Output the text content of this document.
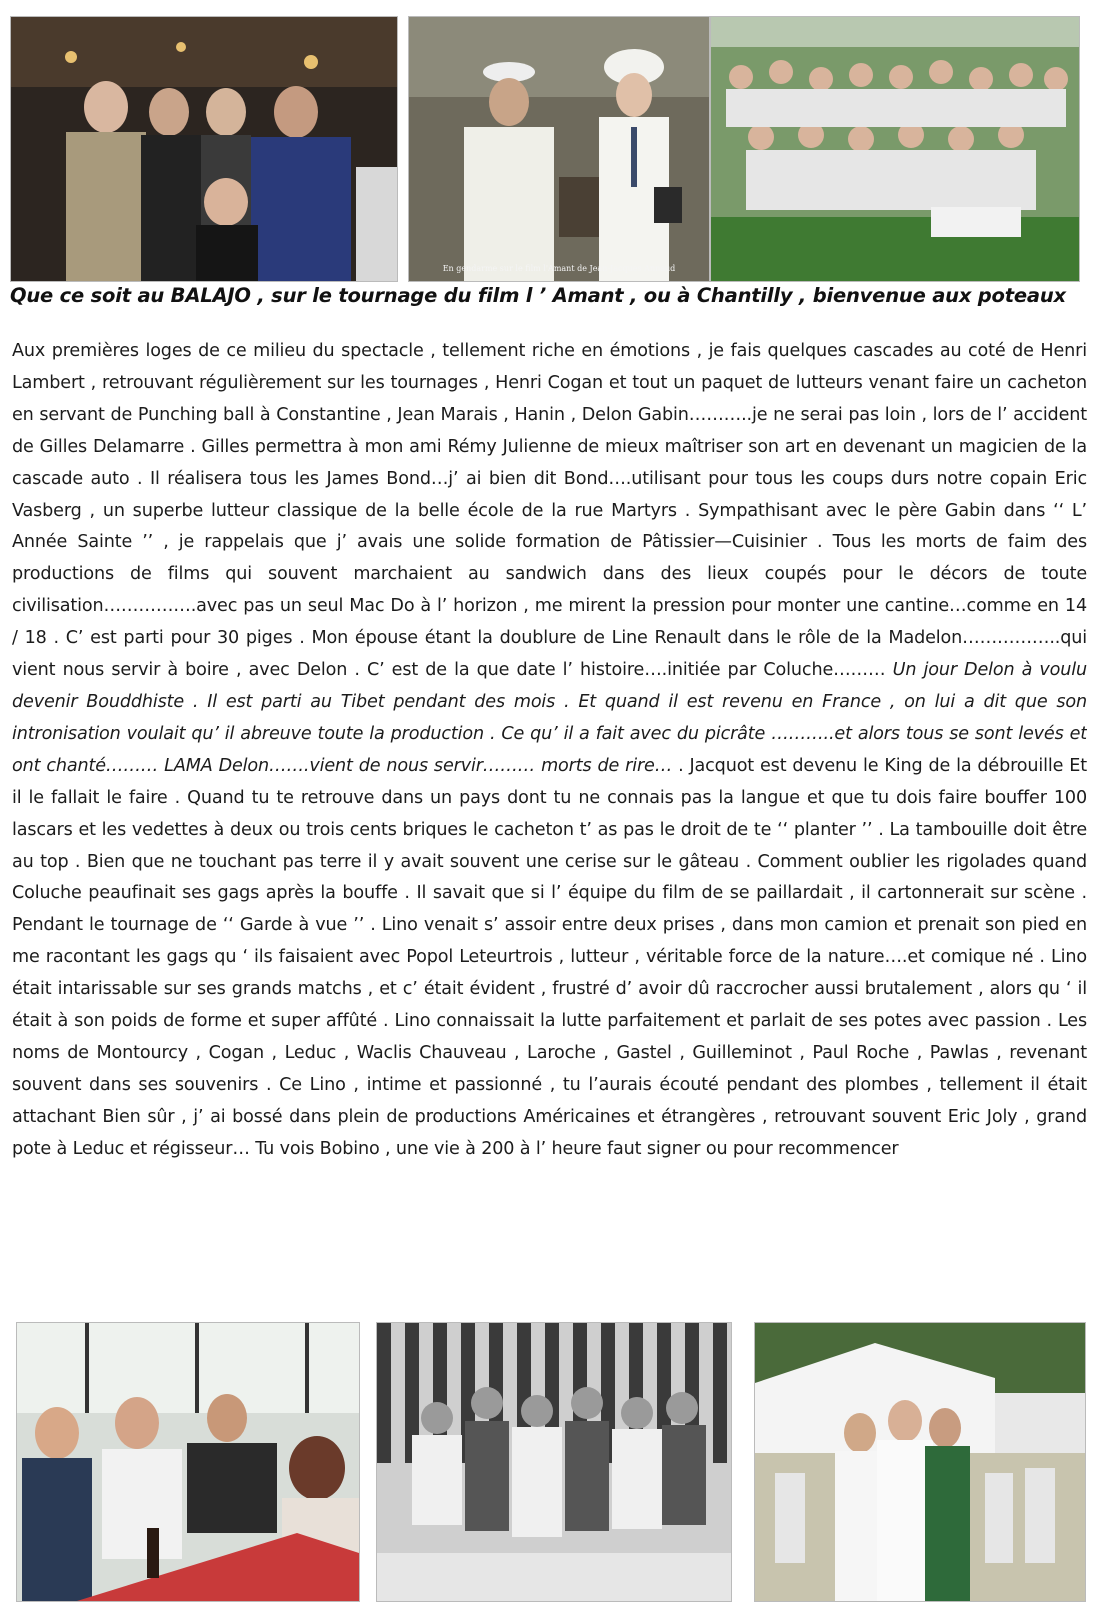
En gendarme sur le film l'Amant de Jean-Jacques Annaud

Que ce soit au BALAJO , sur le tournage du film l ’ Amant , ou à Chantilly , bienvenue aux poteaux

Aux premières loges de ce milieu du spectacle , tellement riche en émotions , je fais quelques cascades au coté de Henri Lambert , retrouvant régulièrement sur les tournages , Henri Cogan et tout un paquet de lutteurs venant faire un cacheton en servant de Punching ball à Constantine , Jean Marais , Hanin , Delon Gabin………..je ne serai pas loin , lors de l’ accident de Gilles Delamarre . Gilles permettra à mon ami Rémy Julienne de mieux maîtriser son art en devenant un magicien de la cascade auto . Il réalisera tous les James Bond…j’ ai bien dit Bond….utilisant pour tous les coups durs notre copain Eric Vasberg , un superbe lutteur classique de la belle école de la rue Martyrs . Sympathisant avec le père Gabin dans ‘‘ L’ Année Sainte ’’ , je rappelais que j’ avais une solide formation de Pâtissier—Cuisinier . Tous les morts de faim des productions de films qui souvent marchaient au sandwich dans des lieux coupés pour le décors de toute civilisation…………….avec pas un seul Mac Do à l’ horizon , me mirent la pression pour monter une cantine…comme en 14 / 18 . C’ est parti pour 30 piges . Mon épouse étant la doublure de Line Renault dans le rôle de la Madelon……………..qui vient nous servir à boire , avec Delon . C’ est de la que date l’ histoire….initiée par Coluche……… Un jour Delon à voulu devenir Bouddhiste . Il est parti au Tibet pendant des mois . Et quand il est revenu en France , on lui a dit que son intronisation voulait qu’ il abreuve toute la production . Ce qu’ il a fait avec du picrâte ………..et alors tous se sont levés et ont chanté……… LAMA Delon…….vient de nous servir……… morts de rire… . Jacquot est devenu le King de la débrouille Et il le fallait le faire . Quand tu te retrouve dans un pays dont tu ne connais pas la langue et que tu dois faire bouffer 100 lascars et les vedettes à deux ou trois cents briques le cacheton t’ as pas le droit de te ‘‘ planter ’’ . La tambouille doit être au top . Bien que ne touchant pas terre il y avait souvent une cerise sur le gâteau . Comment oublier les rigolades quand Coluche peaufinait ses gags après la bouffe . Il savait que si l’ équipe du film de se paillardait , il cartonnerait sur scène . Pendant le tournage de ‘‘ Garde à vue ’’ . Lino venait s’ assoir entre deux prises , dans mon camion et prenait son pied en me racontant les gags qu ‘ ils faisaient avec Popol Leteurtrois , lutteur , véritable force de la nature….et comique né . Lino était intarissable sur ses grands matchs , et c’ était évident , frustré d’ avoir dû raccrocher aussi brutalement , alors qu ‘ il était à son poids de forme et super affûté . Lino connaissait la lutte parfaitement et parlait de ses potes avec passion . Les noms de Montourcy , Cogan , Leduc , Waclis Chauveau , Laroche , Gastel , Guilleminot , Paul Roche , Pawlas , revenant souvent dans ses souvenirs . Ce Lino , intime et passionné , tu l’aurais écouté pendant des plombes , tellement il était attachant Bien sûr , j’ ai bossé dans plein de productions Américaines et étrangères , retrouvant souvent Eric Joly , grand pote à Leduc et régisseur… Tu vois Bobino , une vie à 200 à l’ heure faut signer ou pour recommencer
